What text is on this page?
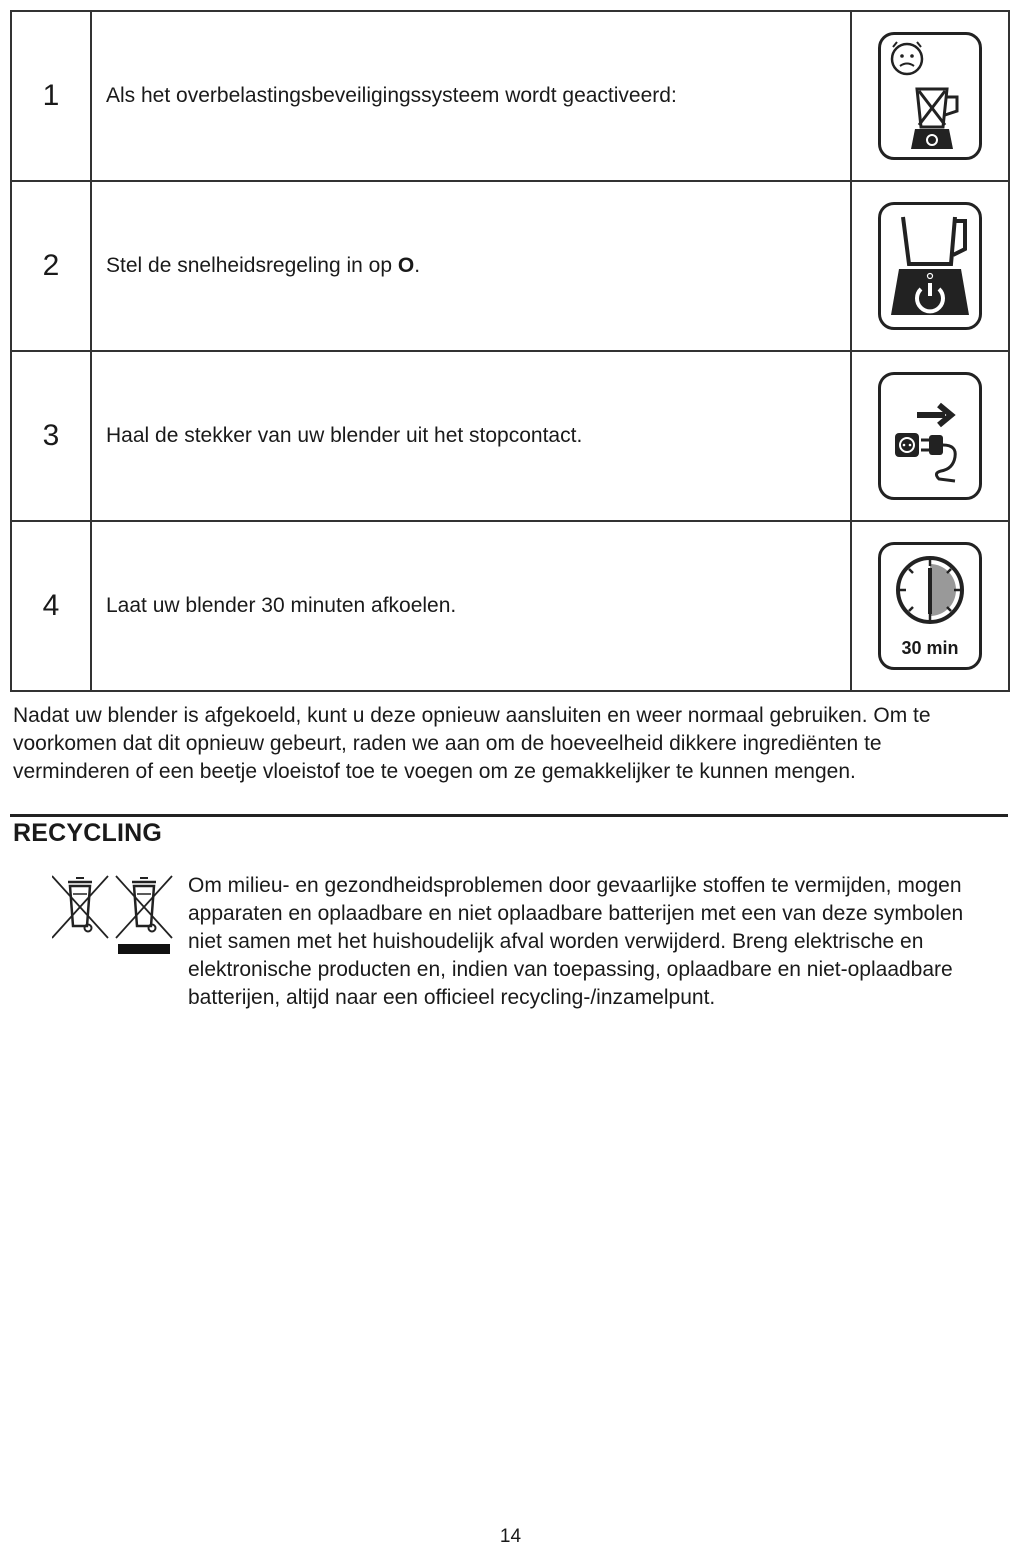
1	Als het overbelastingsbeveiligingssysteem wordt geactiveerd:	

2	Stel de snelheidsregeling in op O.	

3	Haal de stekker van uw blender uit het stopcontact.	

4	Laat uw blender 30 minuten afkoelen.	30 min

Nadat uw blender is afgekoeld, kunt u deze opnieuw aansluiten en weer normaal gebruiken. Om te voorkomen dat dit opnieuw gebeurt, raden we aan om de hoeveelheid dikkere ingrediënten te verminderen of een beetje vloeistof toe te voegen om ze gemakkelijker te kunnen mengen.

RECYCLING

Om milieu- en gezondheidsproblemen door gevaarlijke stoffen te vermijden, mogen apparaten en oplaadbare en niet oplaadbare batterijen met een van deze symbolen niet samen met het huishoudelijk afval worden verwijderd. Breng elektrische en elektronische producten en, indien van toepassing, oplaadbare en niet-oplaadbare batterijen, altijd naar een officieel recycling-/inzamelpunt.

14
